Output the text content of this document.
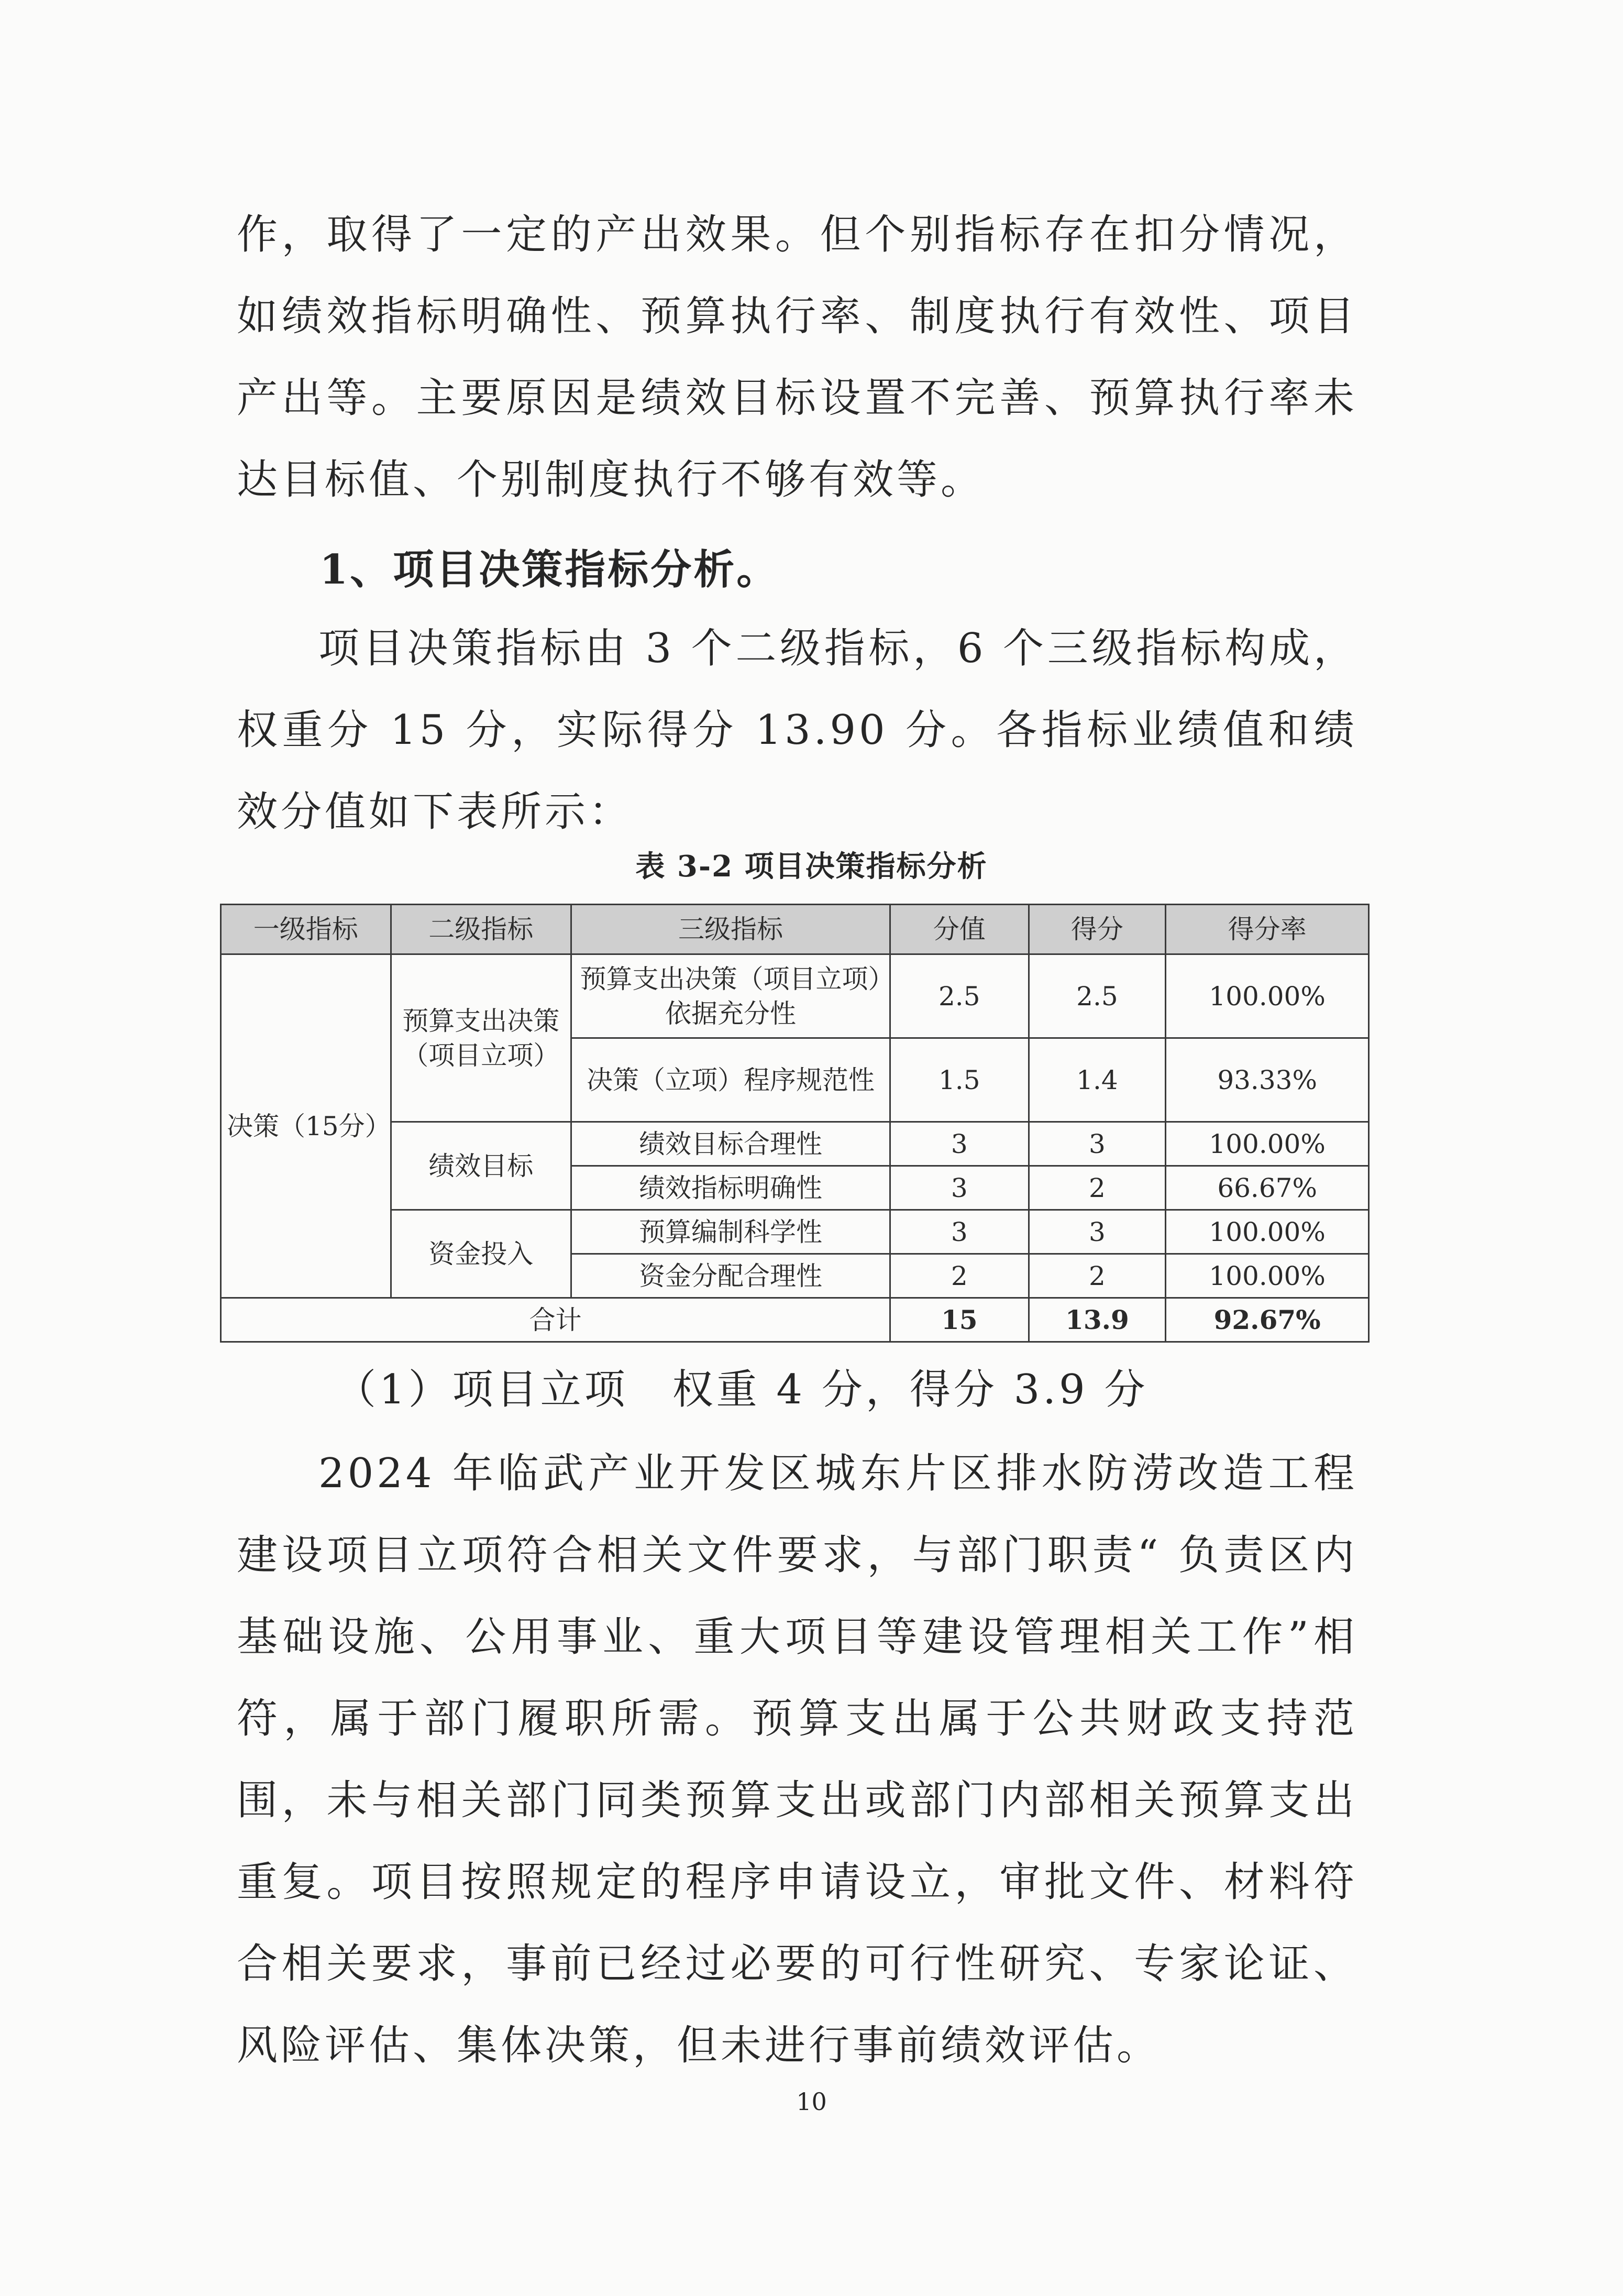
作，取得了一定的产出效果。但个别指标存在扣分情况，如绩效指标明确性、预算执行率、制度执行有效性、项目产出等。主要原因是绩效目标设置不完善、预算执行率未达目标值、个别制度执行不够有效等。

1、项目决策指标分析。

项目决策指标由 3 个二级指标，6 个三级指标构成，权重分 15 分，实际得分 13.90 分。各指标业绩值和绩效分值如下表所示：

表 3-2 项目决策指标分析
一级指标	二级指标	三级指标	分值	得分	得分率
决策（15分）	预算支出决策（项目立项）	预算支出决策（项目立项）依据充分性	2.5	2.5	100.00%
		决策（立项）程序规范性	1.5	1.4	93.33%
	绩效目标	绩效目标合理性	3	3	100.00%
		绩效指标明确性	3	2	66.67%
	资金投入	预算编制科学性	3	3	100.00%
		资金分配合理性	2	2	100.00%
合计			15	13.9	92.67%

（1）项目立项　权重 4 分，得分 3.9 分

2024 年临武产业开发区城东片区排水防涝改造工程建设项目立项符合相关文件要求，与部门职责“ 负责区内基础设施、公用事业、重大项目等建设管理相关工作”相符，属于部门履职所需。预算支出属于公共财政支持范围，未与相关部门同类预算支出或部门内部相关预算支出重复。项目按照规定的程序申请设立，审批文件、材料符合相关要求，事前已经过必要的可行性研究、专家论证、风险评估、集体决策，但未进行事前绩效评估。

10
